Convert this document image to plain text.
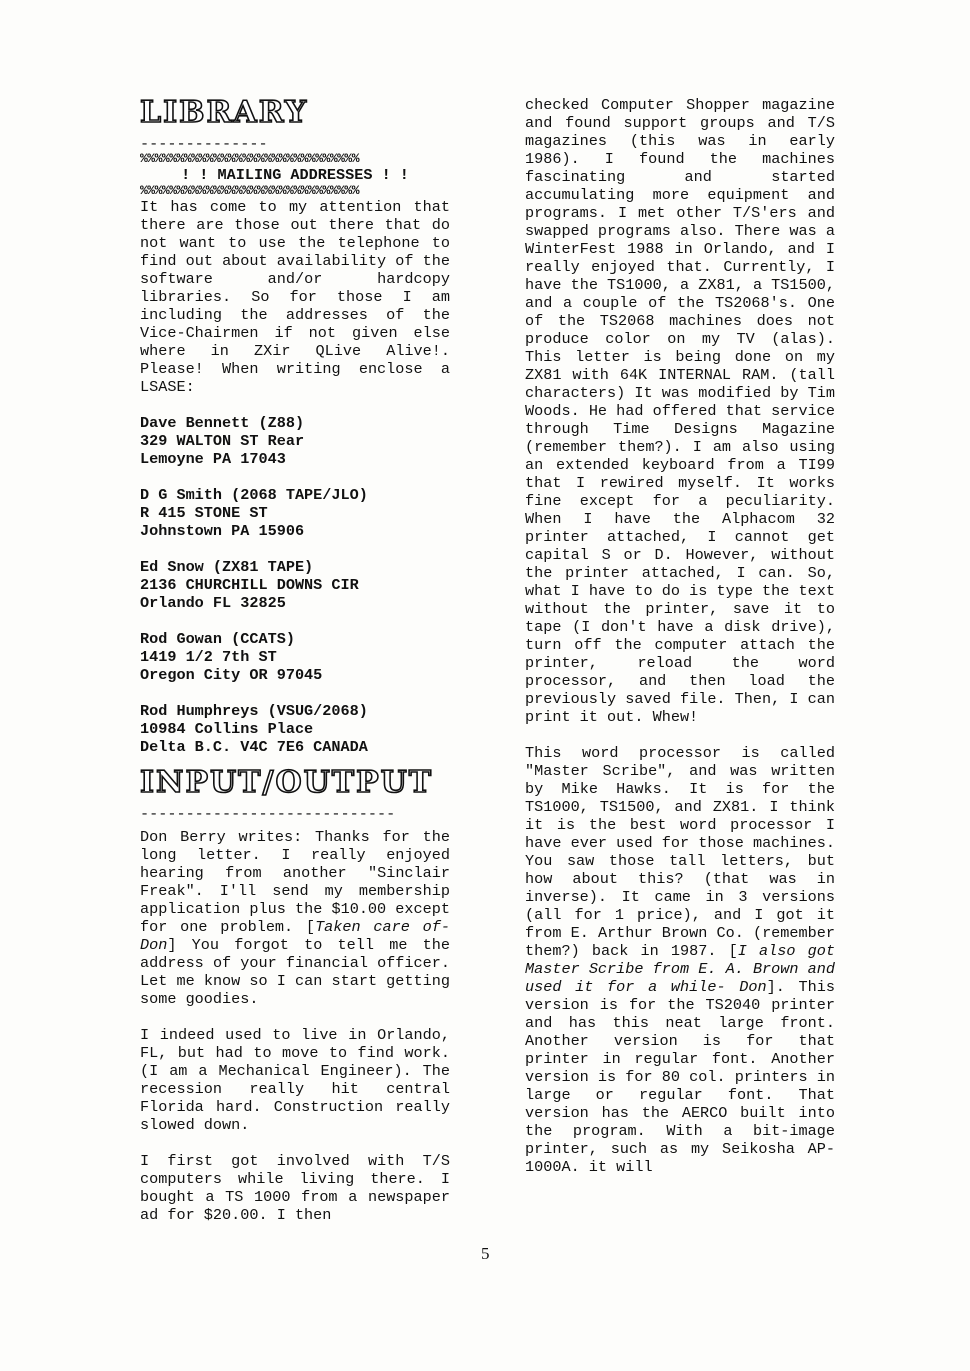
LIBRARY
--------------
%%%%%%%%%%%%%%%%%%%%%%%%%%%%%%
! ! MAILING ADDRESSES ! !
%%%%%%%%%%%%%%%%%%%%%%%%%%%%%%

It has come to my attention that there are those out there that do not want to use the telephone to find out about availability of the software and/or hardcopy libraries. So for those I am including the addresses of the Vice-Chairmen if not given else where in ZXir QLive Alive!. Please! When writing enclose a LSASE:

Dave Bennett (Z88)
329 WALTON ST Rear
Lemoyne PA 17043
D G Smith (2068 TAPE/JLO)
R 415 STONE ST
Johnstown PA 15906
Ed Snow (ZX81 TAPE)
2136 CHURCHILL DOWNS CIR
Orlando FL 32825
Rod Gowan (CCATS)
1419 1/2 7th ST
Oregon City OR 97045
Rod Humphreys (VSUG/2068)
10984 Collins Place
Delta B.C. V4C 7E6 CANADA
INPUT/OUTPUT
----------------------------

Don Berry writes: Thanks for the long letter. I really enjoyed hearing from another "Sinclair Freak". I'll send my membership application plus the $10.00 except for one problem. [Taken care of- Don] You forgot to tell me the address of your financial officer. Let me know so I can start getting some goodies.

I indeed used to live in Orlando, FL, but had to move to find work. (I am a Mechanical Engineer). The recession really hit central Florida hard. Construction really slowed down.

I first got involved with T/S computers while living there. I bought a TS 1000 from a newspaper ad for $20.00. I then

checked Computer Shopper magazine and found support groups and T/S magazines (this was in early 1986). I found the machines fascinating and started accumulating more equipment and programs. I met other T/S'ers and swapped programs also. There was a WinterFest 1988 in Orlando, and I really enjoyed that. Currently, I have the TS1000, a ZX81, a TS1500, and a couple of the TS2068's. One of the TS2068 machines does not produce color on my TV (alas). This letter is being done on my ZX81 with 64K INTERNAL RAM. (tall characters) It was modified by Tim Woods. He had offered that service through Time Designs Magazine (remember them?). I am also using an extended keyboard from a TI99 that I rewired myself. It works fine except for a peculiarity. When I have the Alphacom 32 printer attached, I cannot get capital S or D. However, without the printer attached, I can. So, what I have to do is type the text without the printer, save it to tape (I don't have a disk drive), turn off the computer attach the printer, reload the word processor, and then load the previously saved file. Then, I can print it out. Whew!

This word processor is called "Master Scribe", and was written by Mike Hawks. It is for the TS1000, TS1500, and ZX81. I think it is the best word processor I have ever used for those machines. You saw those tall letters, but how about this? (that was in inverse). It came in 3 versions (all for 1 price), and I got it from E. Arthur Brown Co. (remember them?) back in 1987. [I also got Master Scribe from E. A. Brown and used it for a while- Don]. This version is for the TS2040 printer and has this neat large front. Another version is for that printer in regular font. Another version is for 80 col. printers in large or regular font. That version has the AERCO built into the program. With a bit-image printer, such as my Seikosha AP-1000A. it will

5
